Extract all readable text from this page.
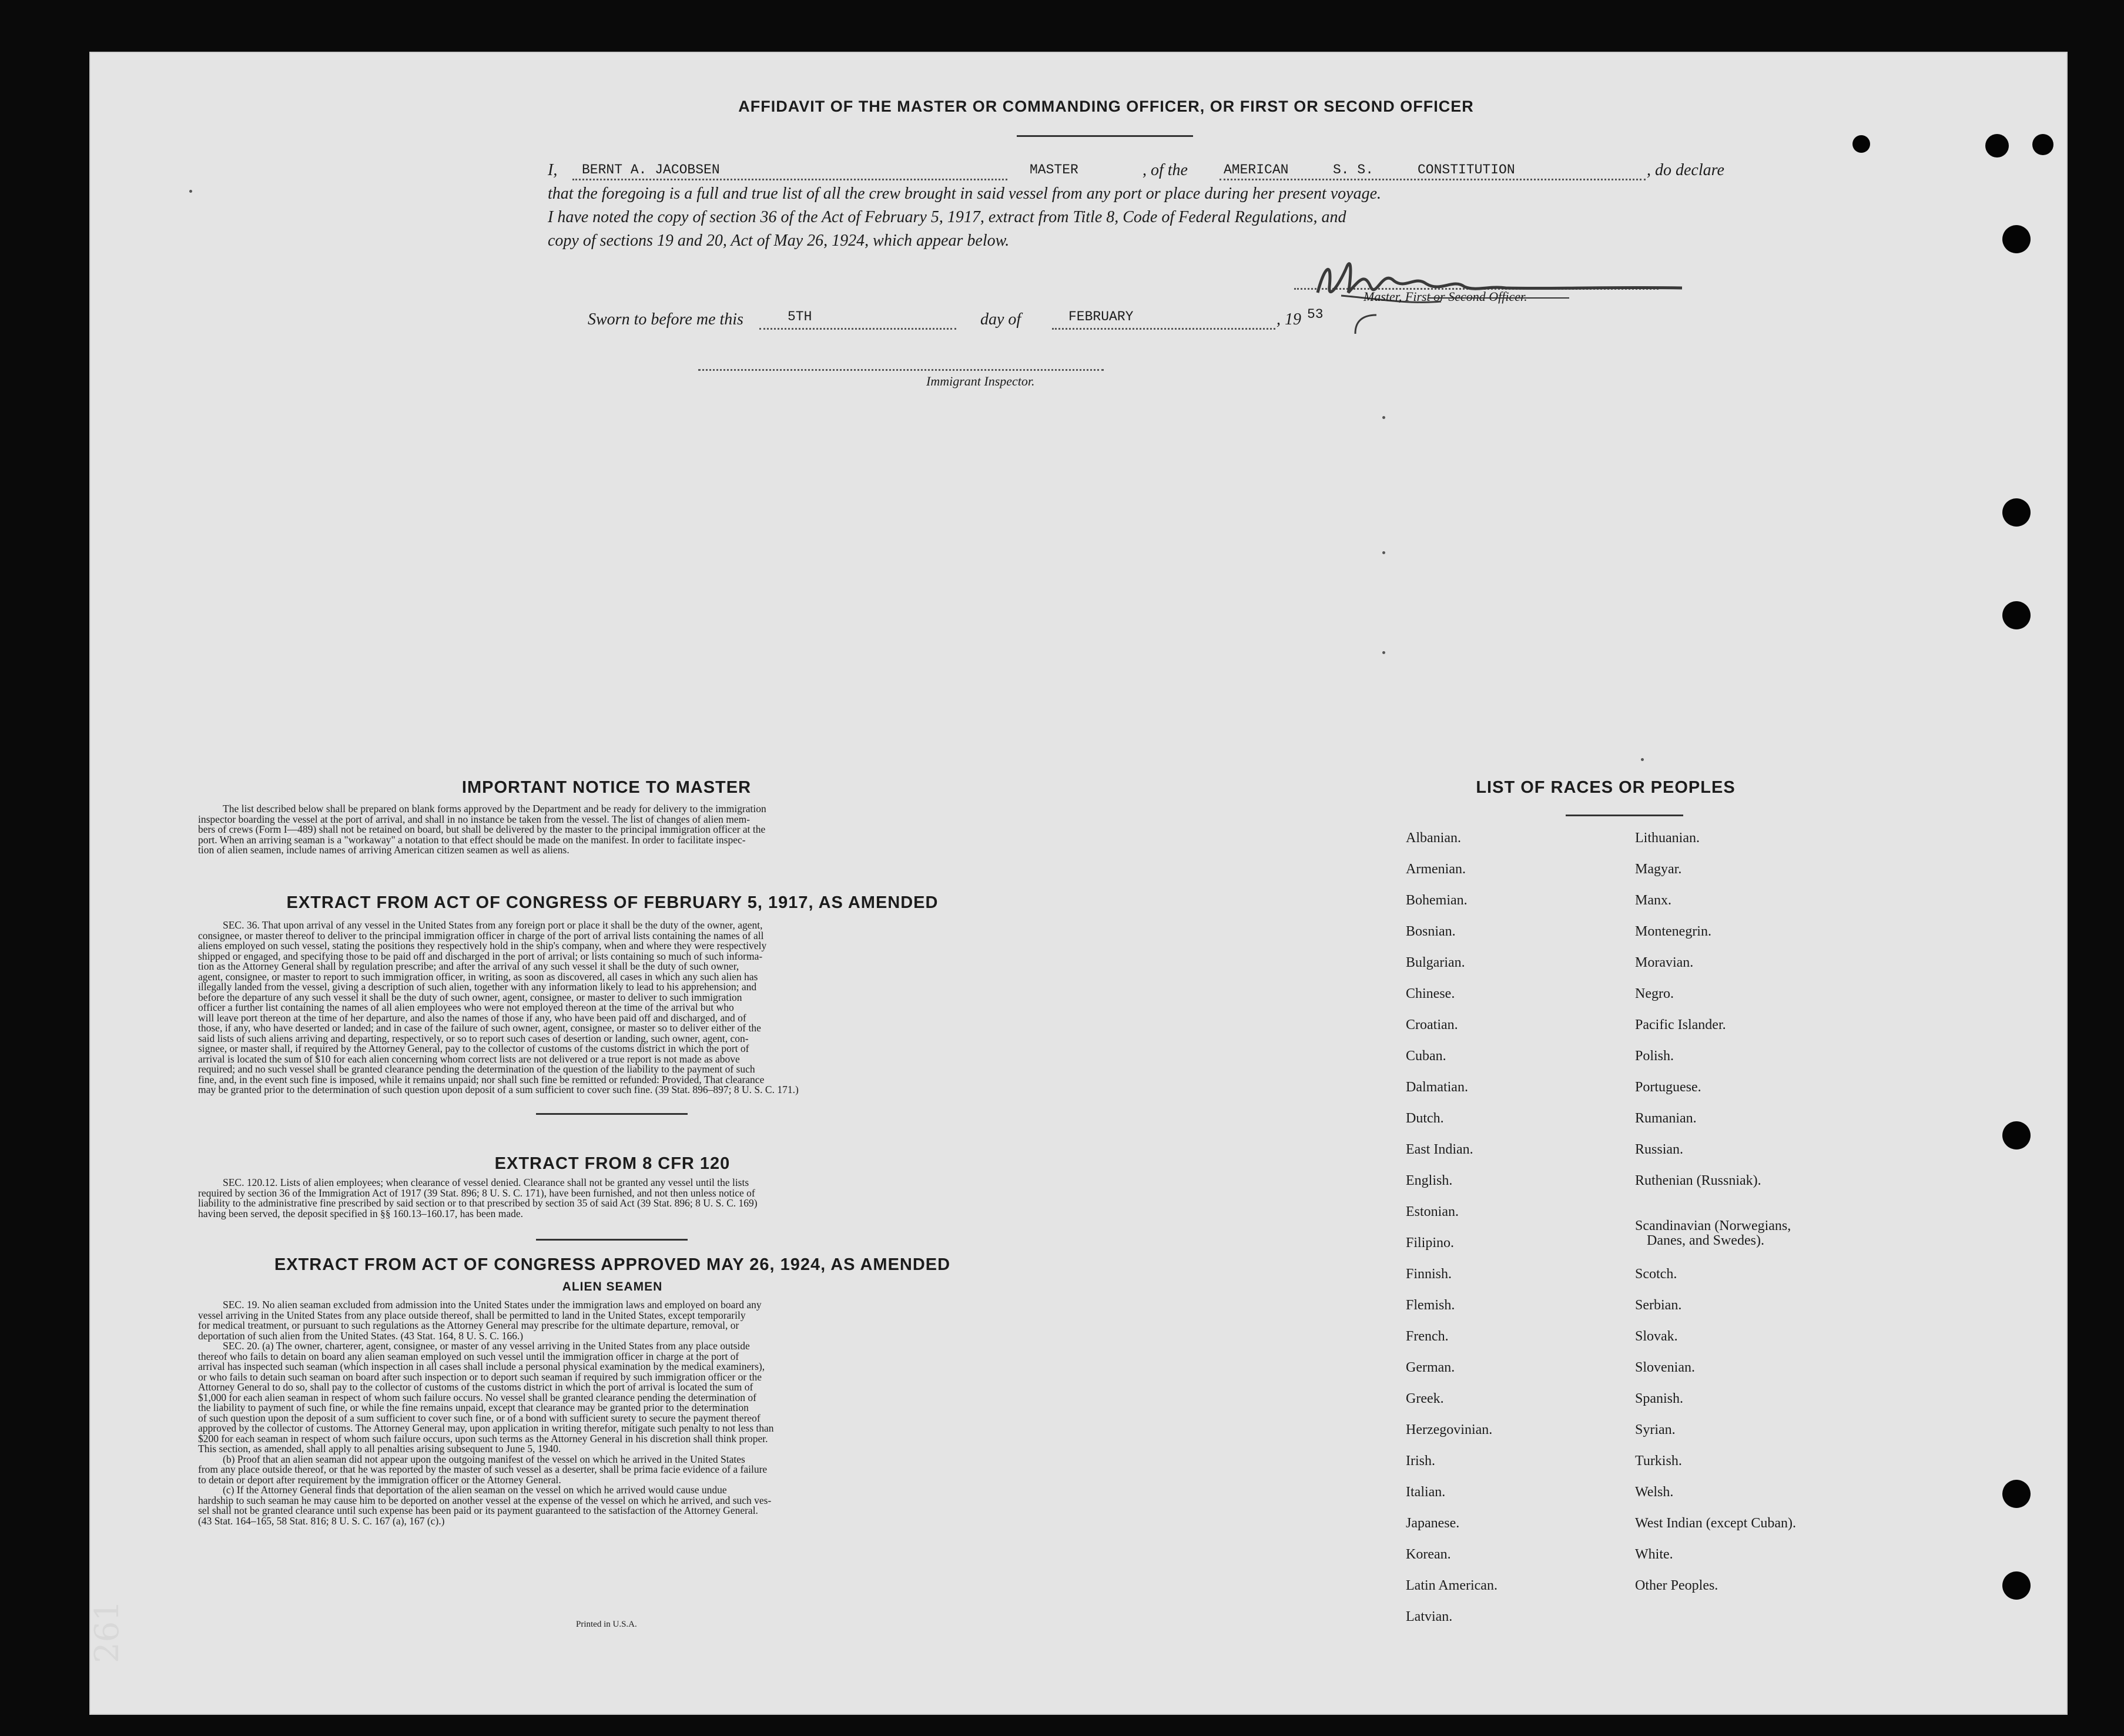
AFFIDAVIT OF THE MASTER OR COMMANDING OFFICER, OR FIRST OR SECOND OFFICER
I, BERNT A. JACOBSEN	MASTER	, of the	AMERICAN	S. S.	CONSTITUTION	, do declare
that the foregoing is a full and true list of all the crew brought in said vessel from any port or place during her present voyage.
I have noted the copy of section 36 of the Act of February 5, 1917, extract from Title 8, Code of Federal Regulations, and
copy of sections 19 and 20, Act of May 26, 1924, which appear below.
Master, First or Second Officer.
Sworn to before me this	5TH	day of	FEBRUARY	, 19 53
Immigrant Inspector.
IMPORTANT NOTICE TO MASTER
The list described below shall be prepared on blank forms approved by the Department and be ready for delivery to the immigration
inspector boarding the vessel at the port of arrival, and shall in no instance be taken from the vessel. The list of changes of alien mem-
bers of crews (Form I—489) shall not be retained on board, but shall be delivered by the master to the principal immigration officer at the
port. When an arriving seaman is a "workaway" a notation to that effect should be made on the manifest. In order to facilitate inspec-
tion of alien seamen, include names of arriving American citizen seamen as well as aliens.
EXTRACT FROM ACT OF CONGRESS OF FEBRUARY 5, 1917, AS AMENDED
SEC. 36. That upon arrival of any vessel in the United States from any foreign port or place it shall be the duty of the owner, agent,
consignee, or master thereof to deliver to the principal immigration officer in charge of the port of arrival lists containing the names of all
aliens employed on such vessel, stating the positions they respectively hold in the ship's company, when and where they were respectively
shipped or engaged, and specifying those to be paid off and discharged in the port of arrival; or lists containing so much of such informa-
tion as the Attorney General shall by regulation prescribe; and after the arrival of any such vessel it shall be the duty of such owner,
agent, consignee, or master to report to such immigration officer, in writing, as soon as discovered, all cases in which any such alien has
illegally landed from the vessel, giving a description of such alien, together with any information likely to lead to his apprehension; and
before the departure of any such vessel it shall be the duty of such owner, agent, consignee, or master to deliver to such immigration
officer a further list containing the names of all alien employees who were not employed thereon at the time of the arrival but who
will leave port thereon at the time of her departure, and also the names of those if any, who have been paid off and discharged, and of
those, if any, who have deserted or landed; and in case of the failure of such owner, agent, consignee, or master so to deliver either of the
said lists of such aliens arriving and departing, respectively, or so to report such cases of desertion or landing, such owner, agent, con-
signee, or master shall, if required by the Attorney General, pay to the collector of customs of the customs district in which the port of
arrival is located the sum of $10 for each alien concerning whom correct lists are not delivered or a true report is not made as above
required; and no such vessel shall be granted clearance pending the determination of the question of the liability to the payment of such
fine, and, in the event such fine is imposed, while it remains unpaid; nor shall such fine be remitted or refunded: Provided, That clearance
may be granted prior to the determination of such question upon deposit of a sum sufficient to cover such fine. (39 Stat. 896–897; 8 U. S. C. 171.)
EXTRACT FROM 8 CFR 120
SEC. 120.12. Lists of alien employees; when clearance of vessel denied. Clearance shall not be granted any vessel until the lists
required by section 36 of the Immigration Act of 1917 (39 Stat. 896; 8 U. S. C. 171), have been furnished, and not then unless notice of
liability to the administrative fine prescribed by said section or to that prescribed by section 35 of said Act (39 Stat. 896; 8 U. S. C. 169)
having been served, the deposit specified in §§ 160.13–160.17, has been made.
EXTRACT FROM ACT OF CONGRESS APPROVED MAY 26, 1924, AS AMENDED
ALIEN SEAMEN
SEC. 19. No alien seaman excluded from admission into the United States under the immigration laws and employed on board any
vessel arriving in the United States from any place outside thereof, shall be permitted to land in the United States, except temporarily
for medical treatment, or pursuant to such regulations as the Attorney General may prescribe for the ultimate departure, removal, or
deportation of such alien from the United States. (43 Stat. 164, 8 U. S. C. 166.)
SEC. 20. (a) The owner, charterer, agent, consignee, or master of any vessel arriving in the United States from any place outside
thereof who fails to detain on board any alien seaman employed on such vessel until the immigration officer in charge at the port of
arrival has inspected such seaman (which inspection in all cases shall include a personal physical examination by the medical examiners),
or who fails to detain such seaman on board after such inspection or to deport such seaman if required by such immigration officer or the
Attorney General to do so, shall pay to the collector of customs of the customs district in which the port of arrival is located the sum of
$1,000 for each alien seaman in respect of whom such failure occurs. No vessel shall be granted clearance pending the determination of
the liability to payment of such fine, or while the fine remains unpaid, except that clearance may be granted prior to the determination
of such question upon the deposit of a sum sufficient to cover such fine, or of a bond with sufficient surety to secure the payment thereof
approved by the collector of customs. The Attorney General may, upon application in writing therefor, mitigate such penalty to not less than
$200 for each seaman in respect of whom such failure occurs, upon such terms as the Attorney General in his discretion shall think proper.
This section, as amended, shall apply to all penalties arising subsequent to June 5, 1940.
(b) Proof that an alien seaman did not appear upon the outgoing manifest of the vessel on which he arrived in the United States
from any place outside thereof, or that he was reported by the master of such vessel as a deserter, shall be prima facie evidence of a failure
to detain or deport after requirement by the immigration officer or the Attorney General.
(c) If the Attorney General finds that deportation of the alien seaman on the vessel on which he arrived would cause undue
hardship to such seaman he may cause him to be deported on another vessel at the expense of the vessel on which he arrived, and such ves-
sel shall not be granted clearance until such expense has been paid or its payment guaranteed to the satisfaction of the Attorney General.
(43 Stat. 164–165, 58 Stat. 816; 8 U. S. C. 167 (a), 167 (c).)
Printed in U.S.A.
LIST OF RACES OR PEOPLES
Albanian.
Armenian.
Bohemian.
Bosnian.
Bulgarian.
Chinese.
Croatian.
Cuban.
Dalmatian.
Dutch.
East Indian.
English.
Estonian.
Filipino.
Finnish.
Flemish.
French.
German.
Greek.
Herzegovinian.
Irish.
Italian.
Japanese.
Korean.
Latin American.
Latvian.
Lithuanian.
Magyar.
Manx.
Montenegrin.
Moravian.
Negro.
Pacific Islander.
Polish.
Portuguese.
Rumanian.
Russian.
Ruthenian (Russniak).
Scandinavian (Norwegians,
Danes, and Swedes).
Scotch.
Serbian.
Slovak.
Slovenian.
Spanish.
Syrian.
Turkish.
Welsh.
West Indian (except Cuban).
White.
Other Peoples.
261
